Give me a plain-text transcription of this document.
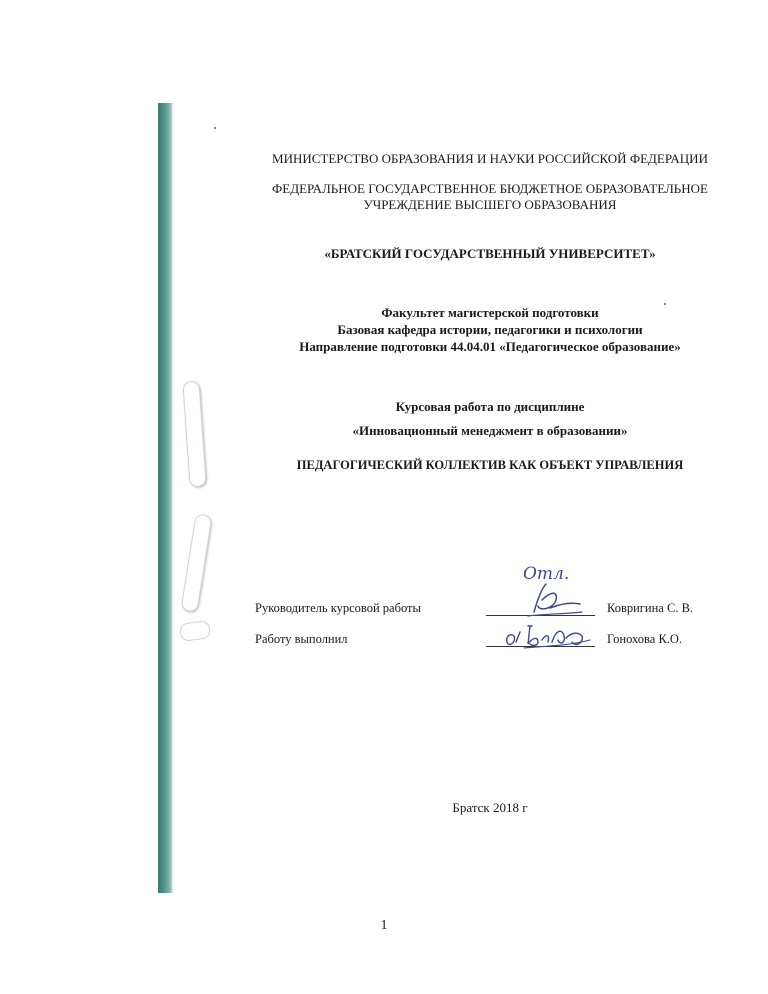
МИНИСТЕРСТВО ОБРАЗОВАНИЯ И НАУКИ РОССИЙСКОЙ ФЕДЕРАЦИИ
ФЕДЕРАЛЬНОЕ ГОСУДАРСТВЕННОЕ БЮДЖЕТНОЕ ОБРАЗОВАТЕЛЬНОЕ
УЧРЕЖДЕНИЕ ВЫСШЕГО ОБРАЗОВАНИЯ
«БРАТСКИЙ ГОСУДАРСТВЕННЫЙ УНИВЕРСИТЕТ»
Факультет магистерской подготовки
Базовая кафедра истории, педагогики и психологии
Направление подготовки 44.04.01 «Педагогическое образование»
Курсовая работа по дисциплине
«Инновационный менеджмент в образовании»
ПЕДАГОГИЧЕСКИЙ КОЛЛЕКТИВ КАК ОБЪЕКТ УПРАВЛЕНИЯ
Отл.
Руководитель курсовой работы	Ковригина С. В.
Работу выполнил	Гонохова К.О.
Братск 2018 г
1
